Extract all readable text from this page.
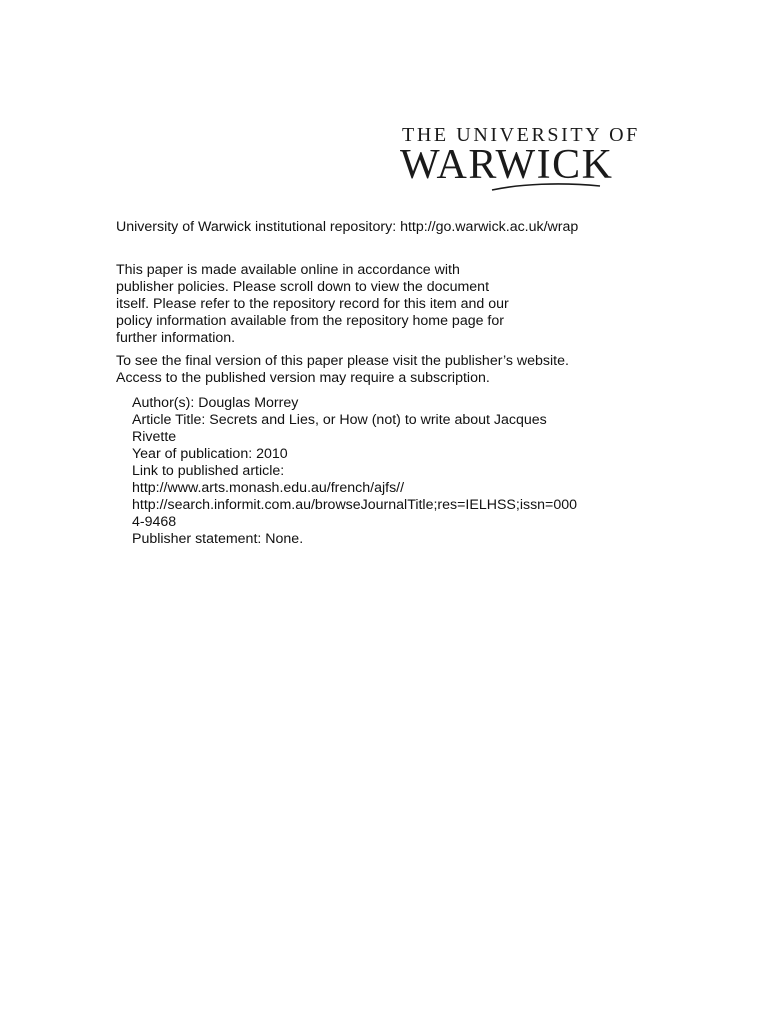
THE UNIVERSITY OF
WARWICK
University of Warwick institutional repository: http://go.warwick.ac.uk/wrap
This paper is made available online in accordance with
publisher policies. Please scroll down to view the document
itself. Please refer to the repository record for this item and our
policy information available from the repository home page for
further information.
To see the final version of this paper please visit the publisher’s website.
Access to the published version may require a subscription.
Author(s): Douglas Morrey
Article Title: Secrets and Lies, or How (not) to write about Jacques
Rivette
Year of publication: 2010
Link to published article:
http://www.arts.monash.edu.au/french/ajfs//
http://search.informit.com.au/browseJournalTitle;res=IELHSS;issn=000
4-9468
Publisher statement: None.
